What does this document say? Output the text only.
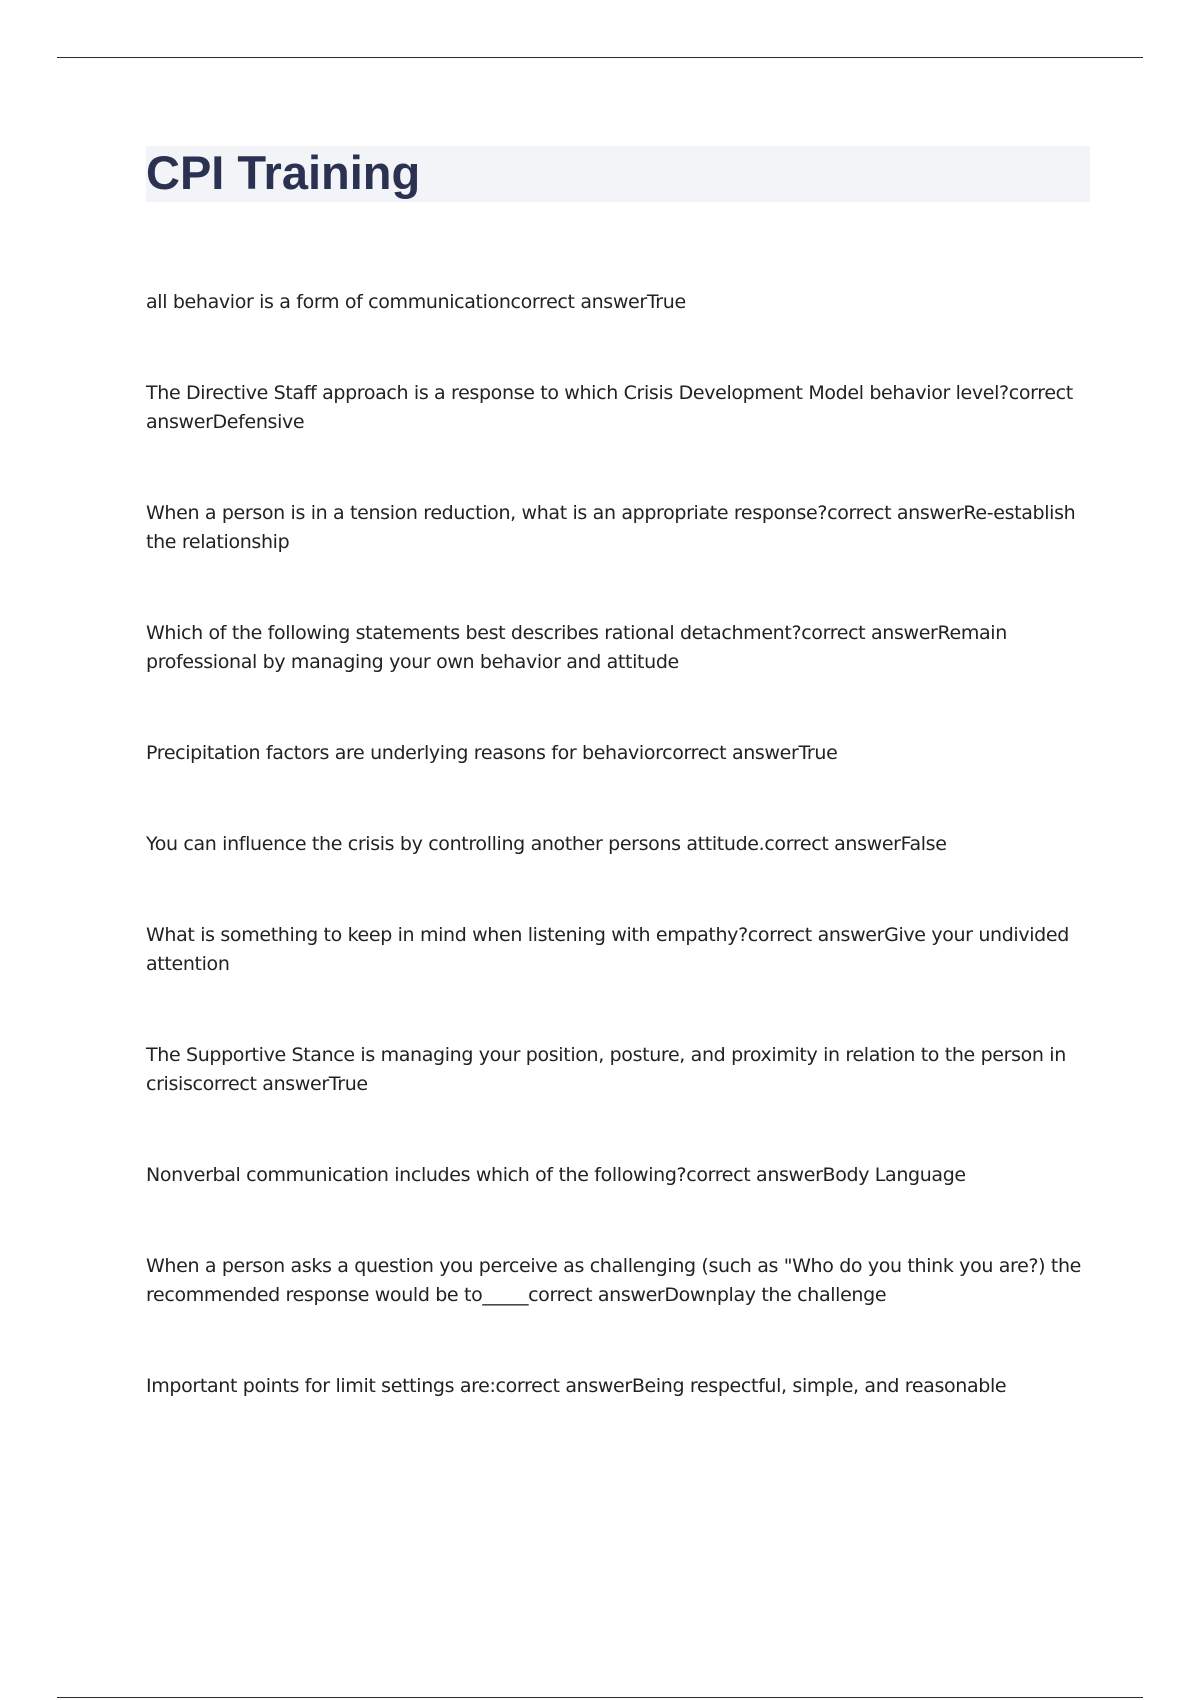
CPI Training
all behavior is a form of communicationcorrect answerTrue
The Directive Staff approach is a response to which Crisis Development Model behavior level?correct answerDefensive
When a person is in a tension reduction, what is an appropriate response?correct answerRe-establish the relationship
Which of the following statements best describes rational detachment?correct answerRemain professional by managing your own behavior and attitude
Precipitation factors are underlying reasons for behaviorcorrect answerTrue
You can influence the crisis by controlling another persons attitude.correct answerFalse
What is something to keep in mind when listening with empathy?correct answerGive your undivided attention
The Supportive Stance is managing your position, posture, and proximity in relation to the person in crisiscorrect answerTrue
Nonverbal communication includes which of the following?correct answerBody Language
When a person asks a question you perceive as challenging (such as "Who do you think you are?) the recommended response would be to_____correct answerDownplay the challenge
Important points for limit settings are:correct answerBeing respectful, simple, and reasonable
